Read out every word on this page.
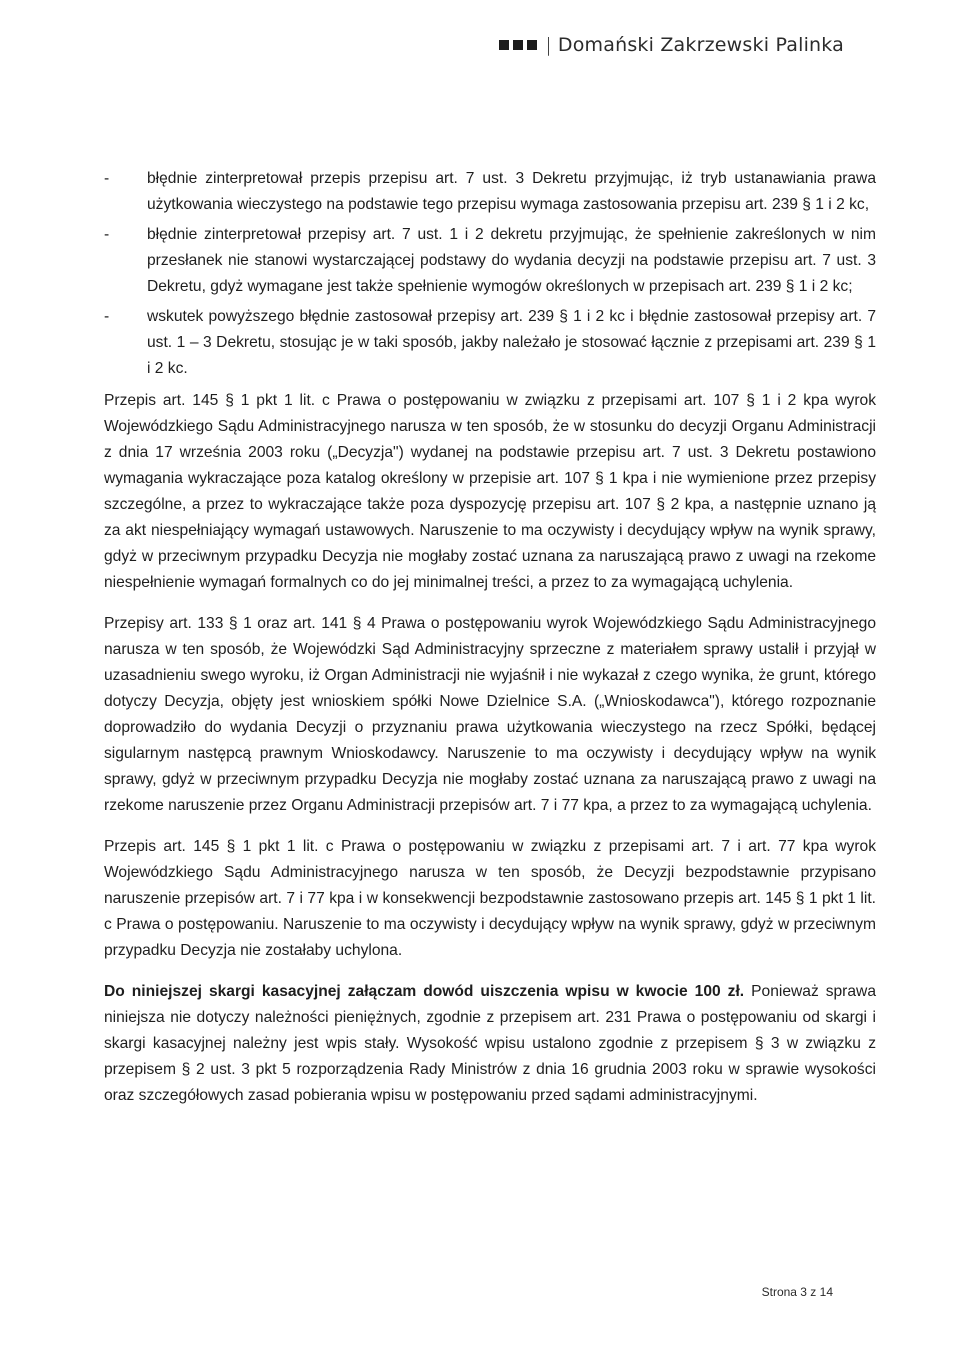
| Domański Zakrzewski Palinka
-	błędnie zinterpretował przepis przepisu art. 7 ust. 3 Dekretu przyjmując, iż tryb ustanawiania prawa użytkowania wieczystego na podstawie tego przepisu wymaga zastosowania przepisu art. 239 § 1 i 2 kc,
-	błędnie zinterpretował przepisy art. 7 ust. 1 i 2 dekretu przyjmując, że spełnienie zakreślonych w nim przesłanek nie stanowi wystarczającej podstawy do wydania decyzji na podstawie przepisu art. 7 ust. 3 Dekretu, gdyż wymagane jest także spełnienie wymogów określonych w przepisach art. 239 § 1 i 2 kc;
-	wskutek powyższego błędnie zastosował przepisy art. 239 § 1 i 2 kc i błędnie zastosował przepisy art. 7 ust. 1 – 3 Dekretu, stosując je w taki sposób, jakby należało je stosować łącznie z przepisami art. 239 § 1 i 2 kc.

Przepis art. 145 § 1 pkt 1 lit. c Prawa o postępowaniu w związku z przepisami art. 107 § 1 i 2 kpa wyrok Wojewódzkiego Sądu Administracyjnego narusza w ten sposób, że w stosunku do decyzji Organu Administracji z dnia 17 września 2003 roku („Decyzja") wydanej na podstawie przepisu art. 7 ust. 3 Dekretu postawiono wymagania wykraczające poza katalog określony w przepisie art. 107 § 1 kpa i nie wymienione przez przepisy szczególne, a przez to wykraczające także poza dyspozycję przepisu art. 107 § 2 kpa, a następnie uznano ją za akt niespełniający wymagań ustawowych. Naruszenie to ma oczywisty i decydujący wpływ na wynik sprawy, gdyż w przeciwnym przypadku Decyzja nie mogłaby zostać uznana za naruszającą prawo z uwagi na rzekome niespełnienie wymagań formalnych co do jej minimalnej treści, a przez to za wymagającą uchylenia.

Przepisy art. 133 § 1 oraz art. 141 § 4 Prawa o postępowaniu wyrok Wojewódzkiego Sądu Administracyjnego narusza w ten sposób, że Wojewódzki Sąd Administracyjny sprzeczne z materiałem sprawy ustalił i przyjął w uzasadnieniu swego wyroku, iż Organ Administracji nie wyjaśnił i nie wykazał z czego wynika, że grunt, którego dotyczy Decyzja, objęty jest wnioskiem spółki Nowe Dzielnice S.A. („Wnioskodawca"), którego rozpoznanie doprowadziło do wydania Decyzji o przyznaniu prawa użytkowania wieczystego na rzecz Spółki, będącej sigularnym następcą prawnym Wnioskodawcy. Naruszenie to ma oczywisty i decydujący wpływ na wynik sprawy, gdyż w przeciwnym przypadku Decyzja nie mogłaby zostać uznana za naruszającą prawo z uwagi na rzekome naruszenie przez Organu Administracji przepisów art. 7 i 77 kpa, a przez to za wymagającą uchylenia.

Przepis art. 145 § 1 pkt 1 lit. c Prawa o postępowaniu w związku z przepisami art. 7 i art. 77 kpa wyrok Wojewódzkiego Sądu Administracyjnego narusza w ten sposób, że Decyzji bezpodstawnie przypisano naruszenie przepisów art. 7 i 77 kpa i w konsekwencji bezpodstawnie zastosowano przepis art. 145 § 1 pkt 1 lit. c Prawa o postępowaniu. Naruszenie to ma oczywisty i decydujący wpływ na wynik sprawy, gdyż w przeciwnym przypadku Decyzja nie zostałaby uchylona.

Do niniejszej skargi kasacyjnej załączam dowód uiszczenia wpisu w kwocie 100 zł. Ponieważ sprawa niniejsza nie dotyczy należności pieniężnych, zgodnie z przepisem art. 231 Prawa o postępowaniu od skargi i skargi kasacyjnej należny jest wpis stały. Wysokość wpisu ustalono zgodnie z przepisem § 3 w związku z przepisem § 2 ust. 3 pkt 5 rozporządzenia Rady Ministrów z dnia 16 grudnia 2003 roku w sprawie wysokości oraz szczegółowych zasad pobierania wpisu w postępowaniu przed sądami administracyjnymi.

Strona 3 z 14
